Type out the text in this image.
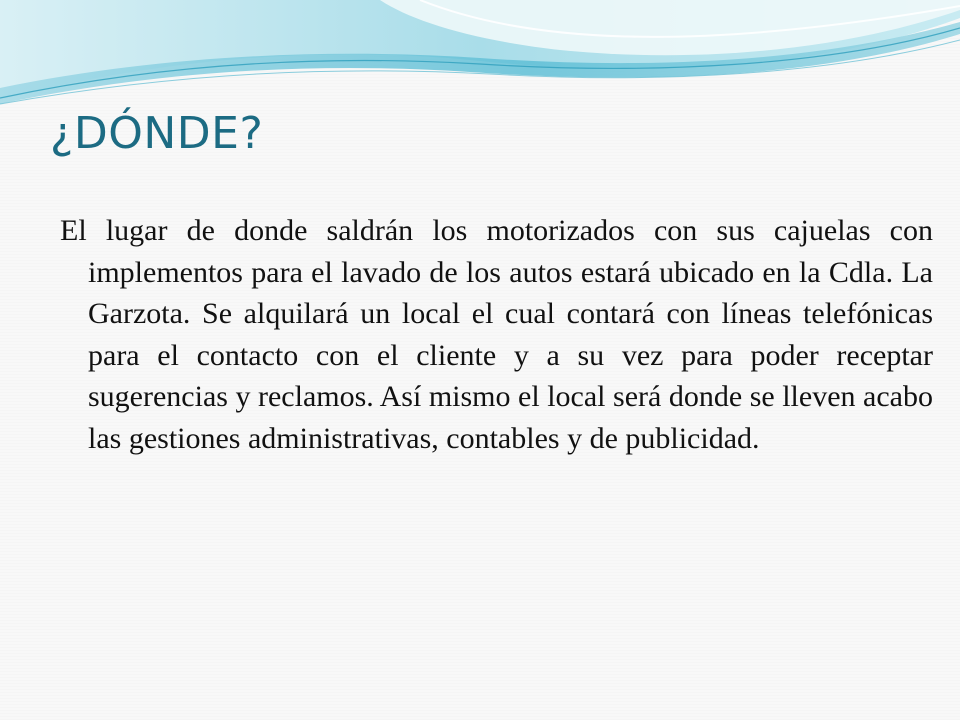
¿DÓNDE?

El lugar de donde saldrán los motorizados con sus cajuelas con implementos para el lavado de los autos estará ubicado en la Cdla. La Garzota. Se alquilará un local el cual contará con líneas telefónicas para el contacto con el cliente y a su vez para poder receptar sugerencias y reclamos. Así mismo el local será donde se lleven acabo las gestiones administrativas, contables y de publicidad.
